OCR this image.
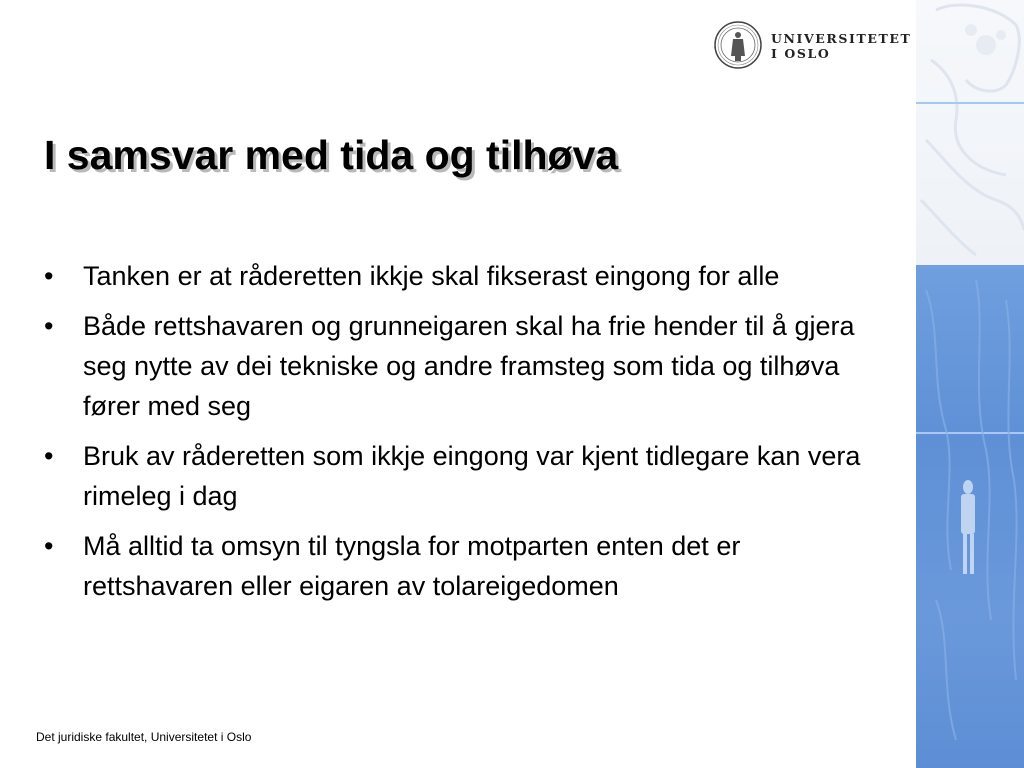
UNIVERSITETET
I OSLO
I samsvar med tida og tilhøva
• Tanken er at råderetten ikkje skal fikserast eingong for alle
• Både rettshavaren og grunneigaren skal ha frie hender til å gjera seg nytte av dei tekniske og andre framsteg som tida og tilhøva fører med seg
• Bruk av råderetten som ikkje eingong var kjent tidlegare kan vera rimeleg i dag
• Må alltid ta omsyn til tyngsla for motparten enten det er rettshavaren eller eigaren av tolareigedomen
Det juridiske fakultet, Universitetet i Oslo
